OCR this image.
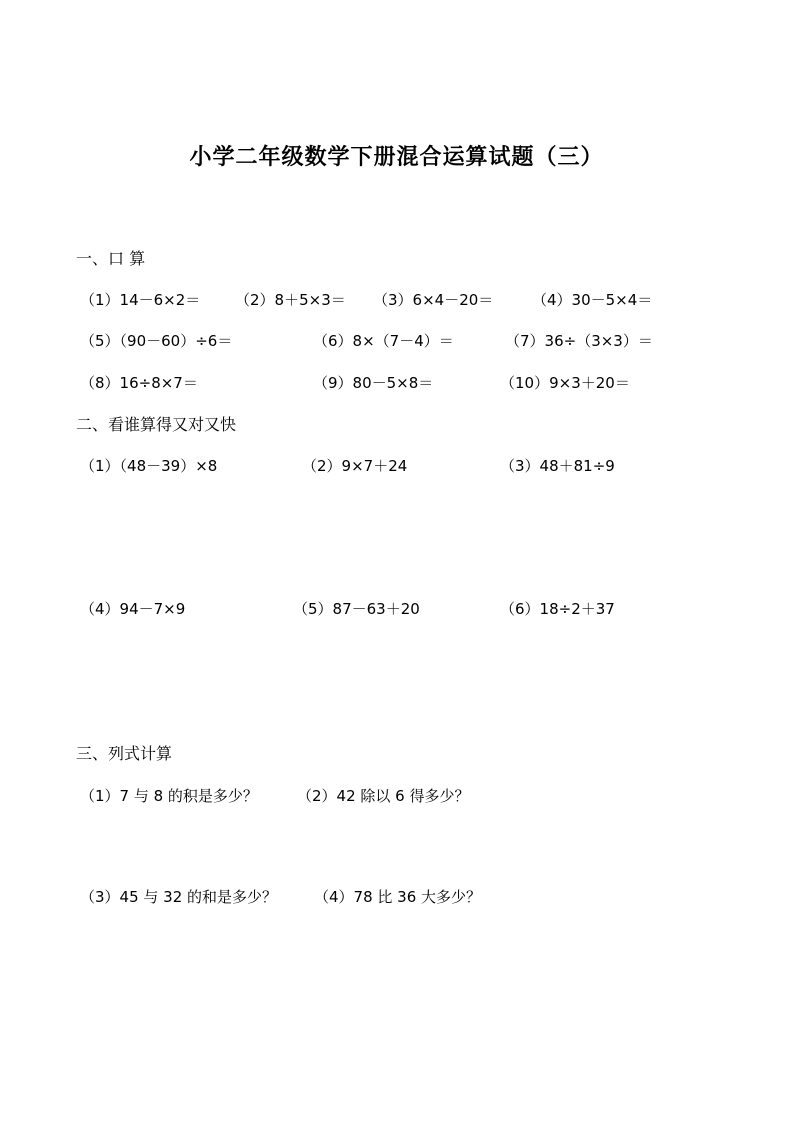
小学二年级数学下册混合运算试题（三）
一、口 算
（1）14－6×2＝ （2）8＋5×3＝ （3）6×4－20＝	（4）30－5×4＝
（5）（90－60）÷6＝	（6）8×（7－4）＝	（7）36÷（3×3）＝
（8）16÷8×7＝	（9）80－5×8＝	（10）9×3＋20＝
二、看谁算得又对又快
（1）（48－39）×8	（2）9×7＋24	（3）48＋81÷9
（4）94－7×9	（5）87－63＋20	（6）18÷2＋37
三、列式计算
（1）7 与 8 的积是多少？	（2）42 除以 6 得多少？
（3）45 与 32 的和是多少？ （4）78 比 36 大多少？
